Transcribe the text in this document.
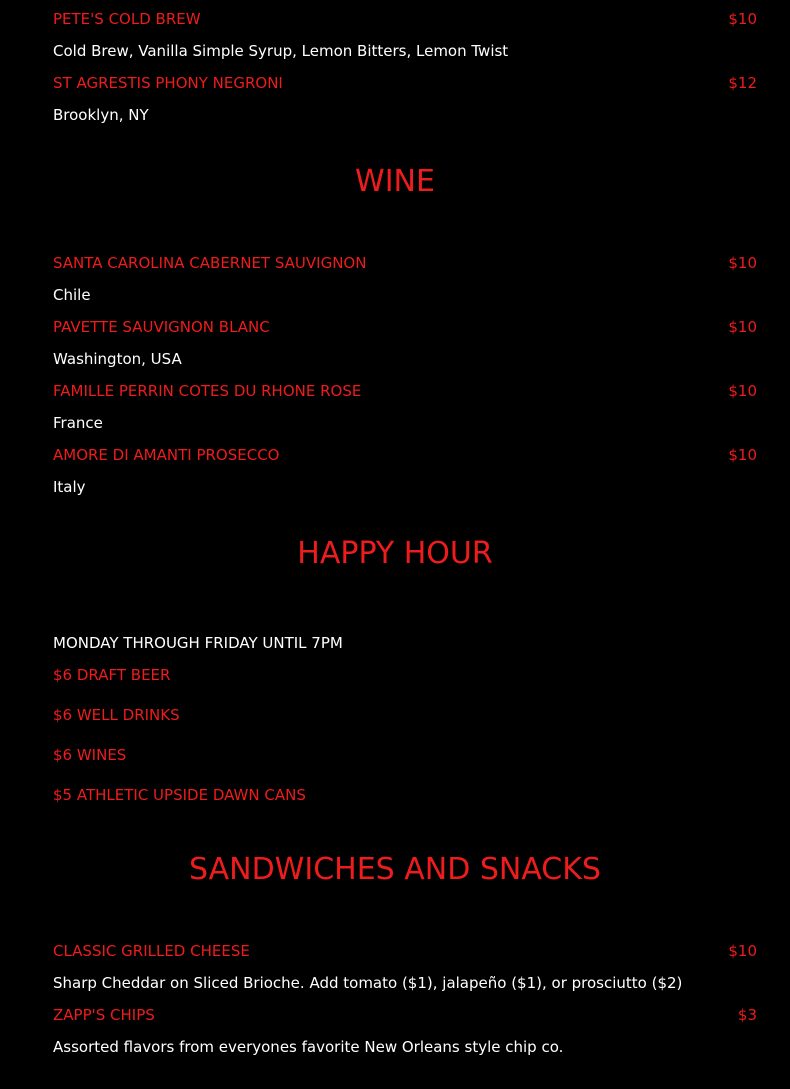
PETE'S COLD BREW	$10
Cold Brew, Vanilla Simple Syrup, Lemon Bitters, Lemon Twist
ST AGRESTIS PHONY NEGRONI	$12
Brooklyn, NY
WINE
SANTA CAROLINA CABERNET SAUVIGNON	$10
Chile
PAVETTE SAUVIGNON BLANC	$10
Washington, USA
FAMILLE PERRIN COTES DU RHONE ROSE	$10
France
AMORE DI AMANTI PROSECCO	$10
Italy
HAPPY HOUR
MONDAY THROUGH FRIDAY UNTIL 7PM
$6 DRAFT BEER
$6 WELL DRINKS
$6 WINES
$5 ATHLETIC UPSIDE DAWN CANS
SANDWICHES AND SNACKS
CLASSIC GRILLED CHEESE	$10
Sharp Cheddar on Sliced Brioche. Add tomato ($1), jalapeño ($1), or prosciutto ($2)
ZAPP'S CHIPS	$3
Assorted flavors from everyones favorite New Orleans style chip co.
